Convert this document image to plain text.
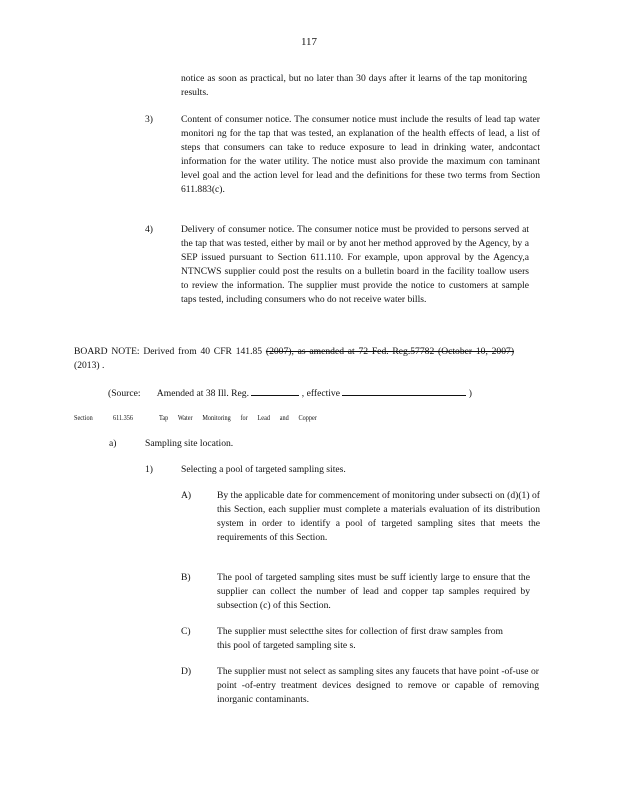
117
notice as soon as practical, but no later than 30 days after it learns of the tap monitoring results.
3)	Content of consumer notice. The consumer notice must include the results of lead tap water monitori ng for the tap that was tested, an explanation of the health effects of lead, a list of steps that consumers can take to reduce exposure to lead in drinking water, andcontact information for the water utility. The notice must also provide the maximum con taminant level goal and the action level for lead and the definitions for these two terms from Section 611.883(c).
4)	Delivery of consumer notice. The consumer notice must be provided to persons served at the tap that was tested, either by mail or by anot her method approved by the Agency, by a SEP issued pursuant to Section 611.110. For example, upon approval by the Agency,a NTNCWS supplier could post the results on a bulletin board in the facility toallow users to review the information. The supplier must provide the notice to customers at sample taps tested, including consumers who do not receive water bills.
BOARD NOTE: Derived from 40 CFR 141.85 (2007), as amended at 72 Fed. Reg.57782 (October 10, 2007) (2013) .
(Source: Amended at 38 Ill. Reg.	, effective	)
Section	611.356	Tap Water Monitoring for Lead and Copper
a)	Sampling site location.
1)	Selecting a pool of targeted sampling sites.
A)	By the applicable date for commencement of monitoring under subsecti on (d)(1) of this Section, each supplier must complete a materials evaluation of its distribution system in order to identify a pool of targeted sampling sites that meets the requirements of this Section.
B)	The pool of targeted sampling sites must be suff iciently large to ensure that the supplier can collect the number of lead and copper tap samples required by subsection (c) of this Section.
C)	The supplier must selectthe sites for collection of first draw samples from this pool of targeted sampling site s.
D)	The supplier must not select as sampling sites any faucets that have point -of-use or point -of-entry treatment devices designed to remove or capable of removing inorganic contaminants.
